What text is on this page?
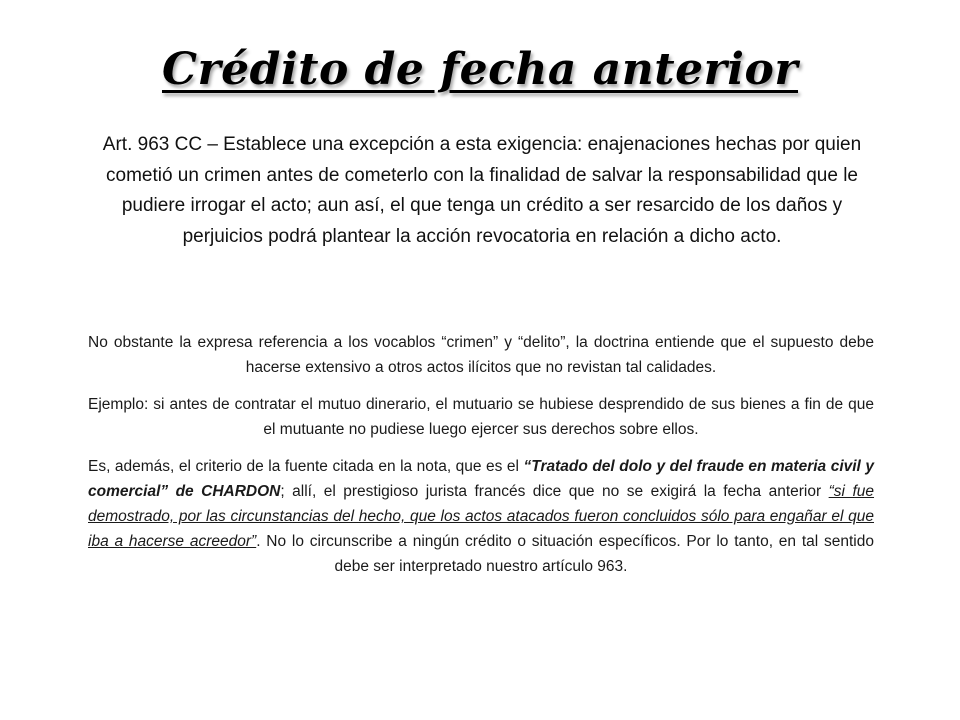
Crédito de fecha anterior
Art. 963 CC – Establece una excepción a esta exigencia: enajenaciones hechas por quien cometió un crimen antes de cometerlo con la finalidad de salvar la responsabilidad que le pudiere irrogar el acto; aun así, el que tenga un crédito a ser resarcido de los daños y perjuicios podrá plantear la acción revocatoria en relación a dicho acto.

No obstante la expresa referencia a los vocablos “crimen” y “delito”, la doctrina entiende que el supuesto debe hacerse extensivo a otros actos ilícitos que no revistan tal calidades.

Ejemplo: si antes de contratar el mutuo dinerario, el mutuario se hubiese desprendido de sus bienes a fin de que el mutuante no pudiese luego ejercer sus derechos sobre ellos.

Es, además, el criterio de la fuente citada en la nota, que es el “Tratado del dolo y del fraude en materia civil y comercial” de CHARDON; allí, el prestigioso jurista francés dice que no se exigirá la fecha anterior “si fue demostrado, por las circunstancias del hecho, que los actos atacados fueron concluidos sólo para engañar el que iba a hacerse acreedor”. No lo circunscribe a ningún crédito o situación específicos. Por lo tanto, en tal sentido debe ser interpretado nuestro artículo 963.
